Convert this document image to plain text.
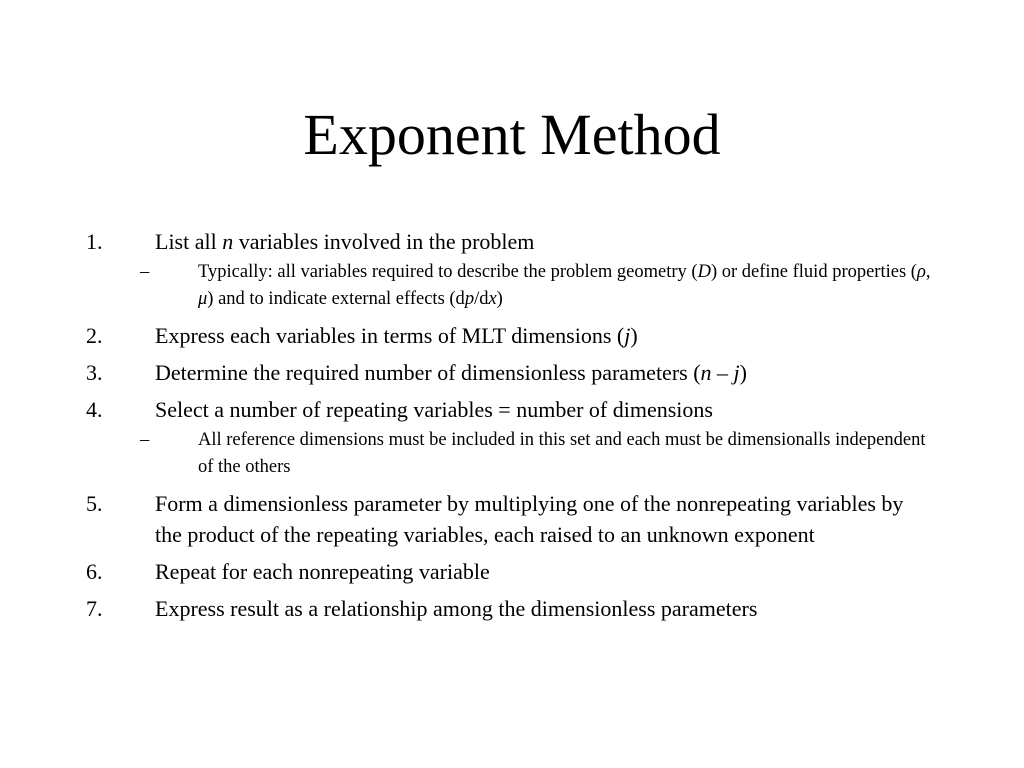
Exponent Method
1. List all n variables involved in the problem
–	Typically: all variables required to describe the problem geometry (D) or define fluid properties (ρ, μ) and to indicate external effects (dp/dx)
2. Express each variables in terms of MLT dimensions (j)
3. Determine the required number of dimensionless parameters (n – j)
4. Select a number of repeating variables = number of dimensions
–	All reference dimensions must be included in this set and each must be dimensionalls independent of the others
5. Form a dimensionless parameter by multiplying one of the nonrepeating variables by the product of the repeating variables, each raised to an unknown exponent
6. Repeat for each nonrepeating variable
7. Express result as a relationship among the dimensionless parameters
